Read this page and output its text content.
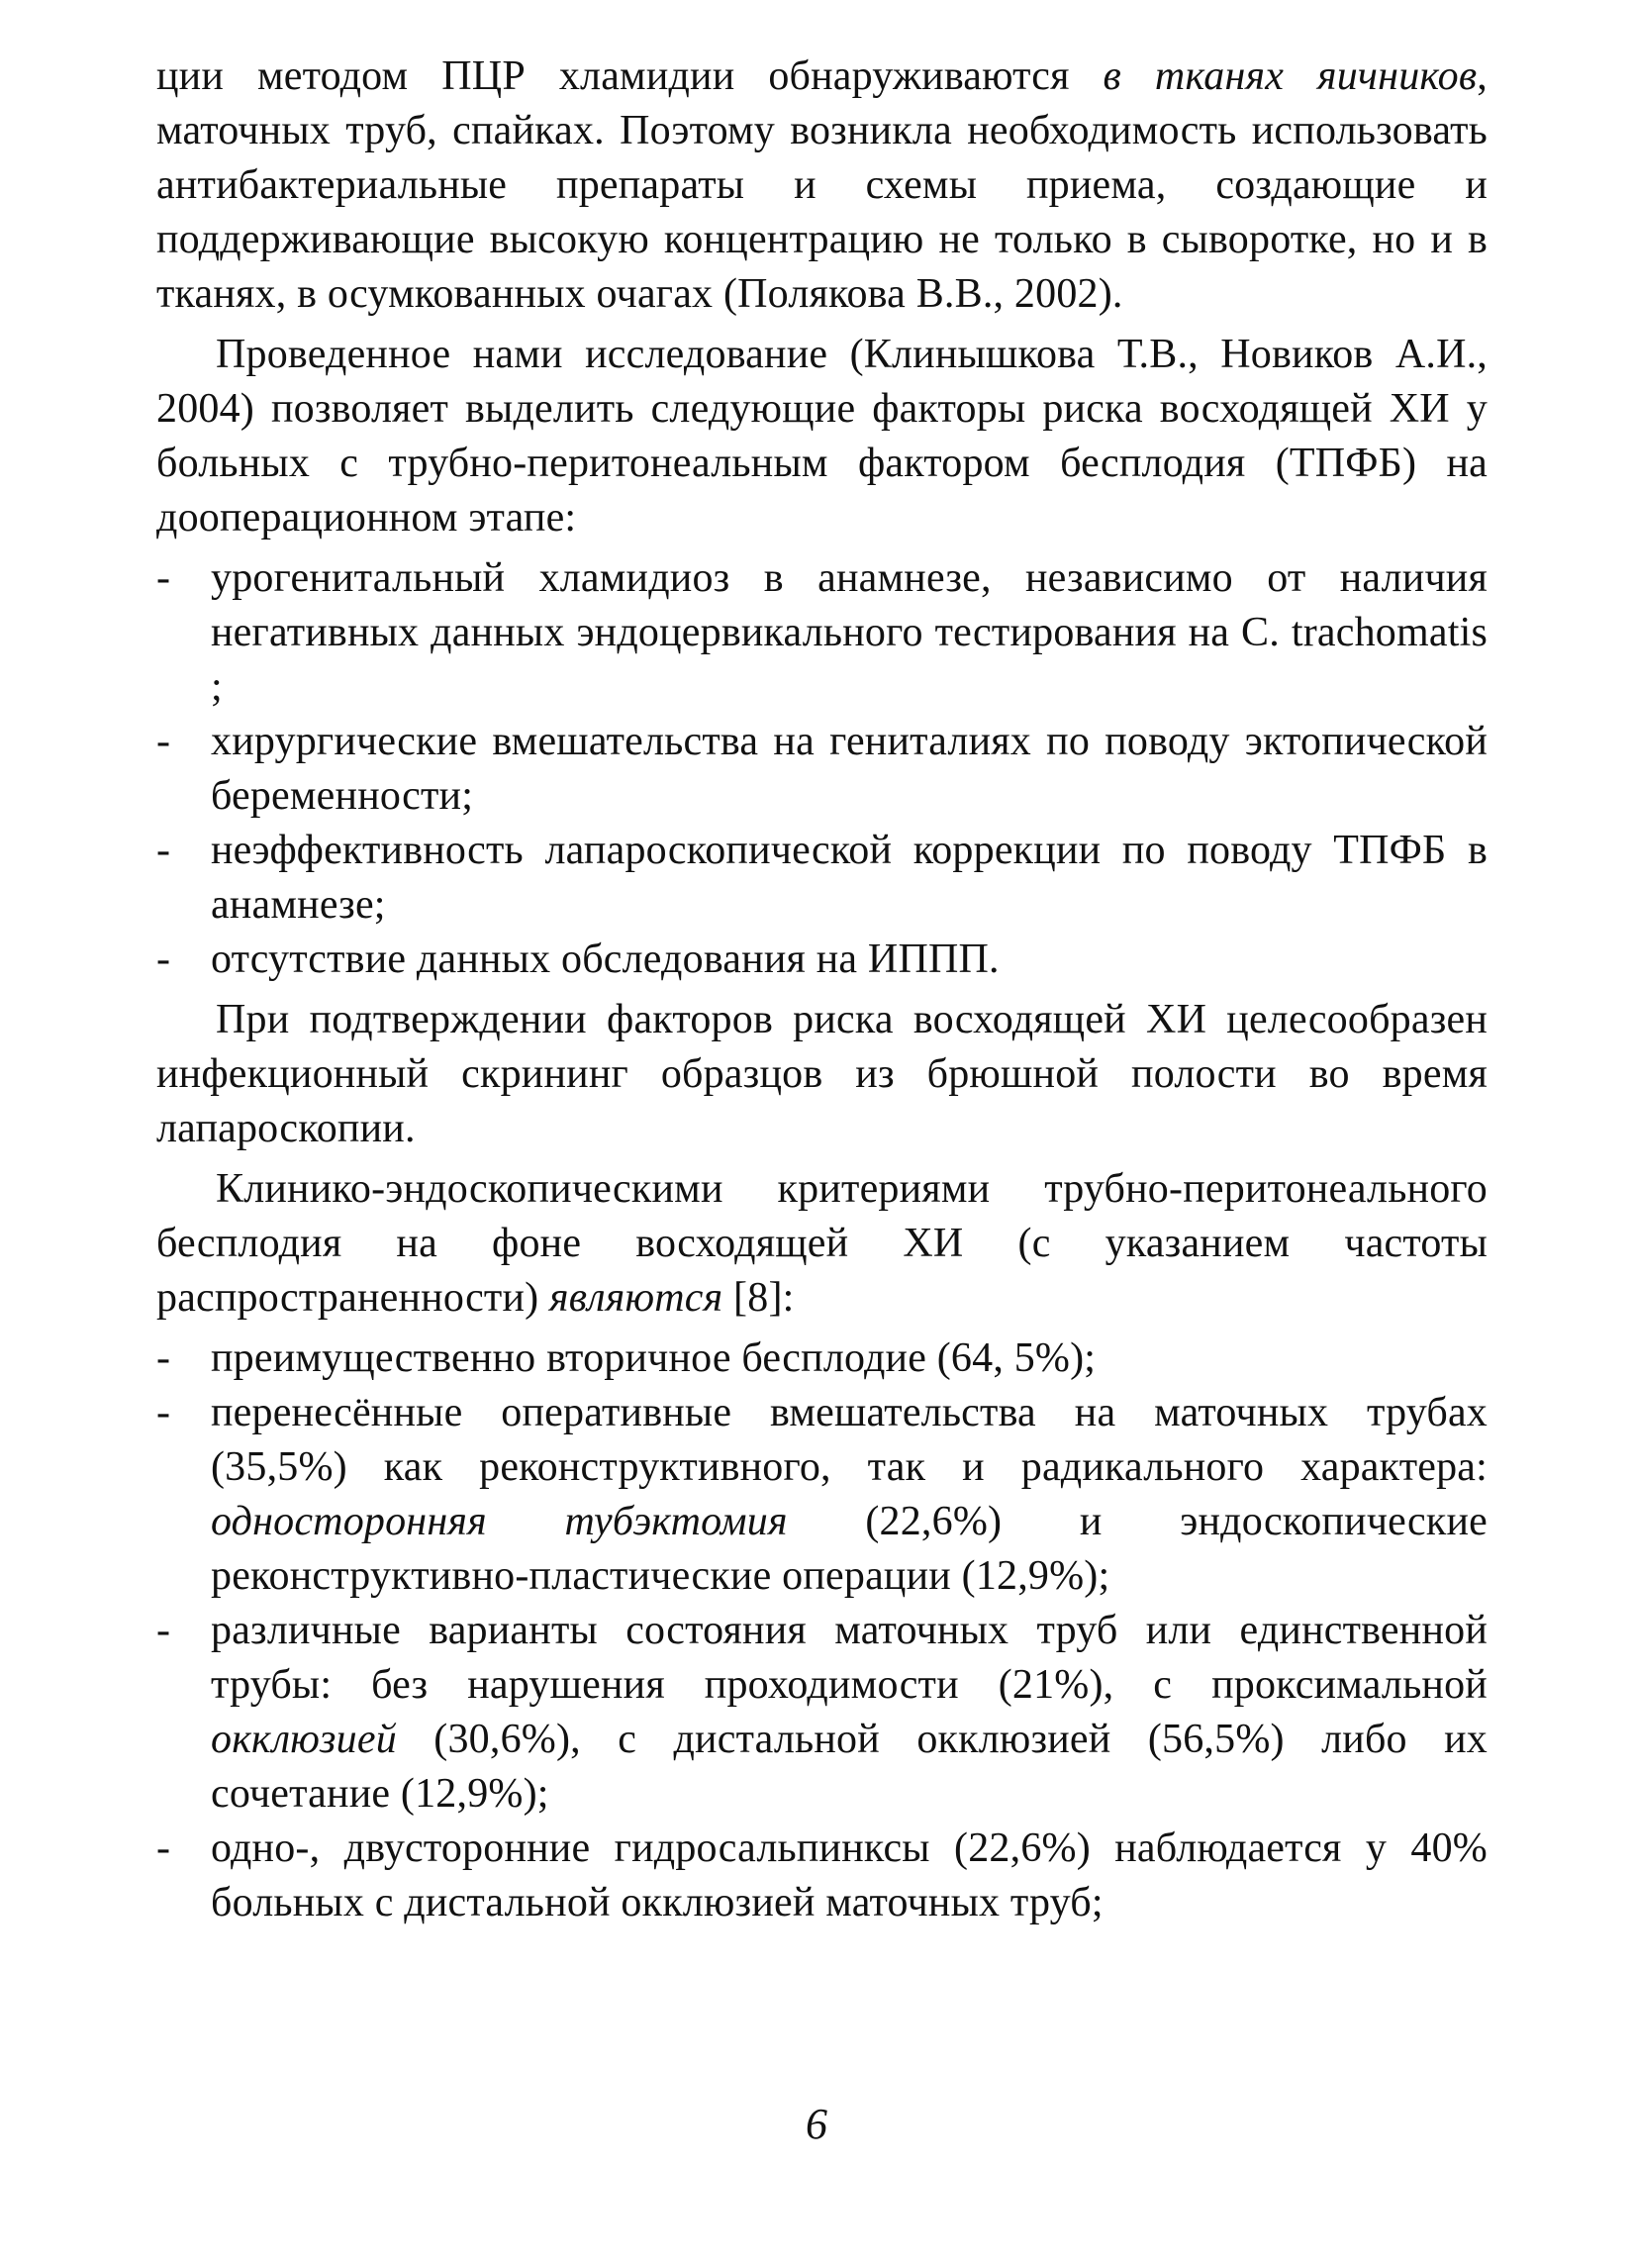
ции методом ПЦР хламидии обнаруживаются в тканях яичников, маточных труб, спайках. Поэтому возникла необходимость использовать антибактериальные препараты и схемы приема, создающие и поддерживающие высокую концентрацию не только в сыворотке, но и в тканях, в осумкованных очагах (Полякова В.В., 2002).

Проведенное нами исследование (Клинышкова Т.В., Новиков А.И., 2004) позволяет выделить следующие факторы риска восходящей ХИ у больных с трубно-перитонеальным фактором бесплодия (ТПФБ) на дооперационном этапе:

- урогенитальный хламидиоз в анамнезе, независимо от наличия негативных данных эндоцервикального тестирования на C. trachomatis ;
- хирургические вмешательства на гениталиях по поводу эктопической беременности;
- неэффективность лапароскопической коррекции по поводу ТПФБ в анамнезе;
- отсутствие данных обследования на ИППП.

При подтверждении факторов риска восходящей ХИ целесообразен инфекционный скрининг образцов из брюшной полости во время лапароскопии.

Клинико-эндоскопическими критериями трубно-перитонеального бесплодия на фоне восходящей ХИ (с указанием частоты распространенности) являются [8]:

- преимущественно вторичное бесплодие (64, 5%);
- перенесённые оперативные вмешательства на маточных трубах (35,5%) как реконструктивного, так и радикального характера: односторонняя тубэктомия (22,6%) и эндоскопические реконструктивно-пластические операции (12,9%);
- различные варианты состояния маточных труб или единственной трубы: без нарушения проходимости (21%), с проксимальной окклюзией (30,6%), с дистальной окклюзией (56,5%) либо их сочетание (12,9%);
- одно-, двусторонние гидросальпинксы (22,6%) наблюдается у 40% больных с дистальной окклюзией маточных труб;
6
